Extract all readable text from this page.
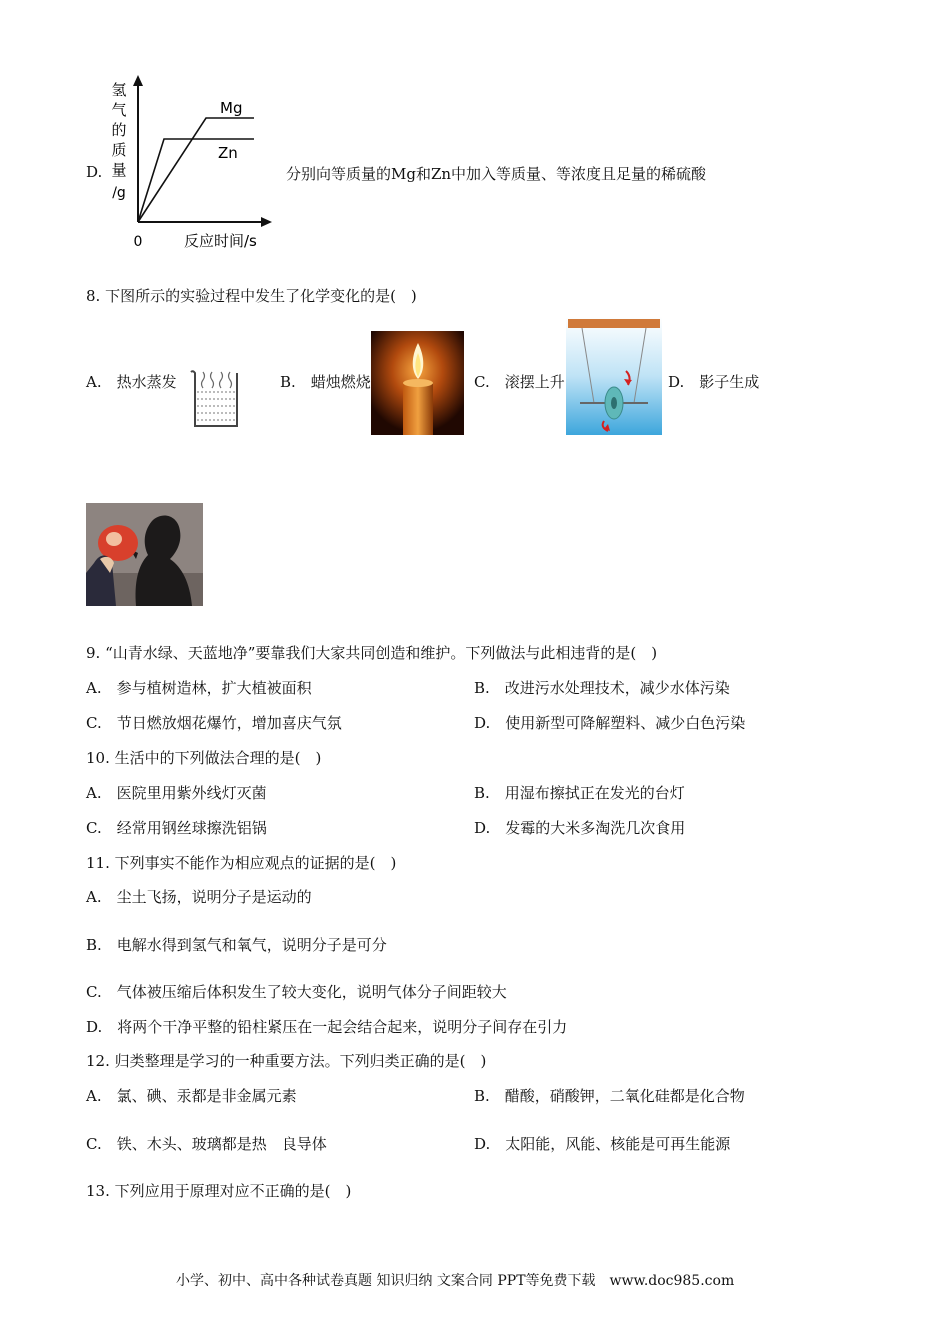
D.
氢
气
的
质
量
/g
Mg
Zn
0	反应时间/s
分别向等质量的Mg和Zn中加入等质量、等浓度且足量的稀硫酸
8. 下图所示的实验过程中发生了化学变化的是(　)
A.　热水蒸发	B.　蜡烛燃烧	C.　滚摆上升	D.　影子生成
9. “山青水绿、天蓝地净”要靠我们大家共同创造和维护。下列做法与此相违背的是(　)
A.　参与植树造林，扩大植被面积	B.　改进污水处理技术，减少水体污染
C.　节日燃放烟花爆竹，增加喜庆气氛	D.　使用新型可降解塑料、减少白色污染
10. 生活中的下列做法合理的是(　)
A.　医院里用紫外线灯灭菌	B.　用湿布擦拭正在发光的台灯
C.　经常用钢丝球擦洗铝锅	D.　发霉的大米多淘洗几次食用
11. 下列事实不能作为相应观点的证据的是(　)
A.　尘土飞扬，说明分子是运动的
B.　电解水得到氢气和氧气，说明分子是可分
C.　气体被压缩后体积发生了较大变化，说明气体分子间距较大
D.　将两个干净平整的铅柱紧压在一起会结合起来，说明分子间存在引力
12. 归类整理是学习的一种重要方法。下列归类正确的是(　)
A.　氯、碘、汞都是非金属元素	B.　醋酸，硝酸钾，二氧化硅都是化合物
C.　铁、木头、玻璃都是热　良导体	D.　太阳能，风能、核能是可再生能源
13. 下列应用于原理对应不正确的是(　)
小学、初中、高中各种试卷真题 知识归纳 文案合同 PPT等免费下载　www.doc985.com
